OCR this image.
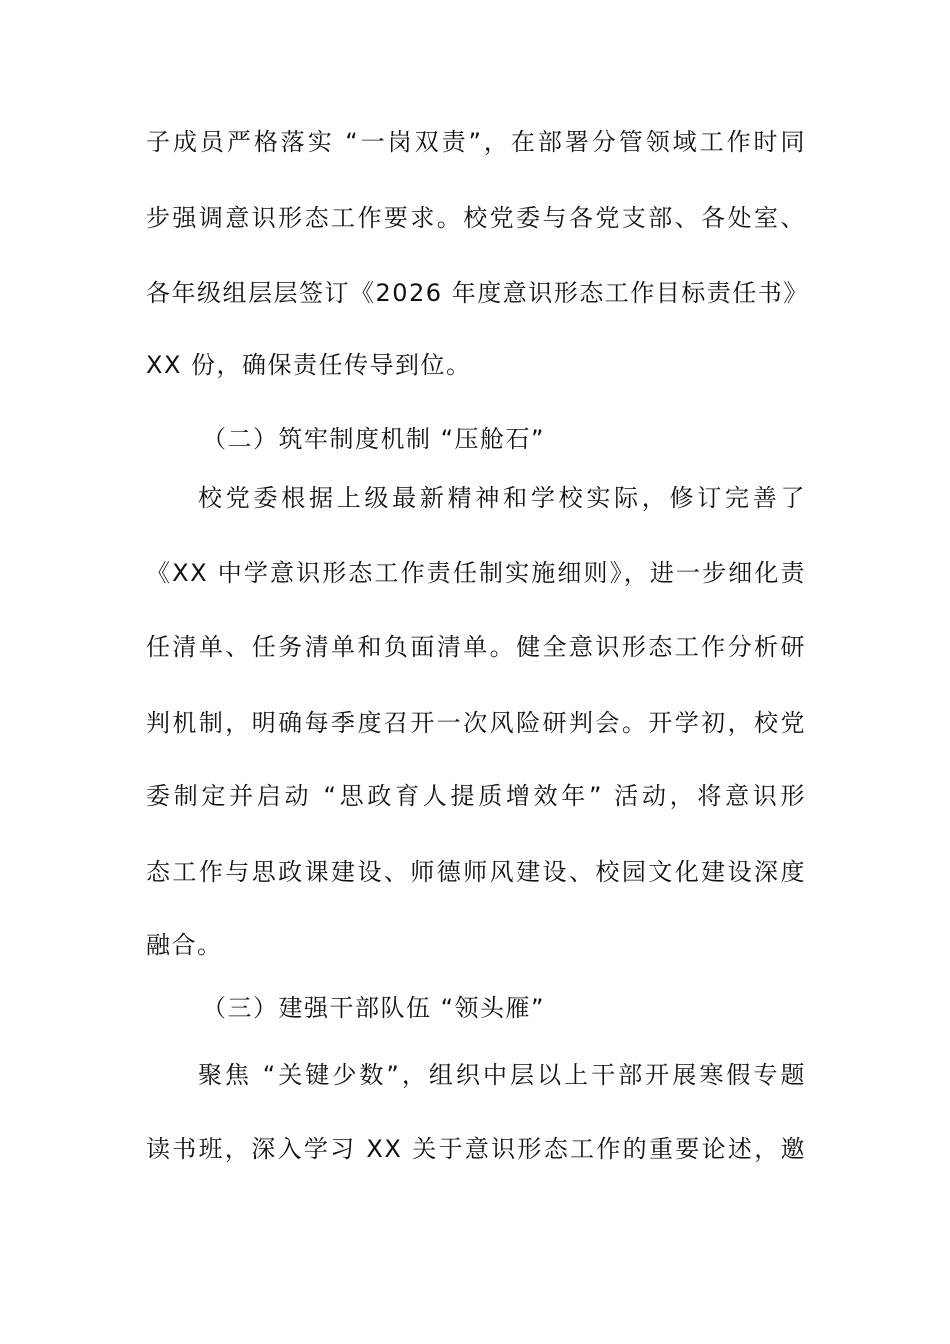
子成员严格落实 “一岗双责”，在部署分管领域工作时同
步强调意识形态工作要求。校党委与各党支部、各处室、
各年级组层层签订《2026 年度意识形态工作目标责任书》
XX 份，确保责任传导到位。
（二）筑牢制度机制 “压舱石”
校党委根据上级最新精神和学校实际，修订完善了
《XX 中学意识形态工作责任制实施细则》，进一步细化责
任清单、任务清单和负面清单。健全意识形态工作分析研
判机制，明确每季度召开一次风险研判会。开学初，校党
委制定并启动 “思政育人提质增效年” 活动，将意识形
态工作与思政课建设、师德师风建设、校园文化建设深度
融合。
（三）建强干部队伍 “领头雁”
聚焦 “关键少数”，组织中层以上干部开展寒假专题
读书班，深入学习 XX 关于意识形态工作的重要论述，邀
